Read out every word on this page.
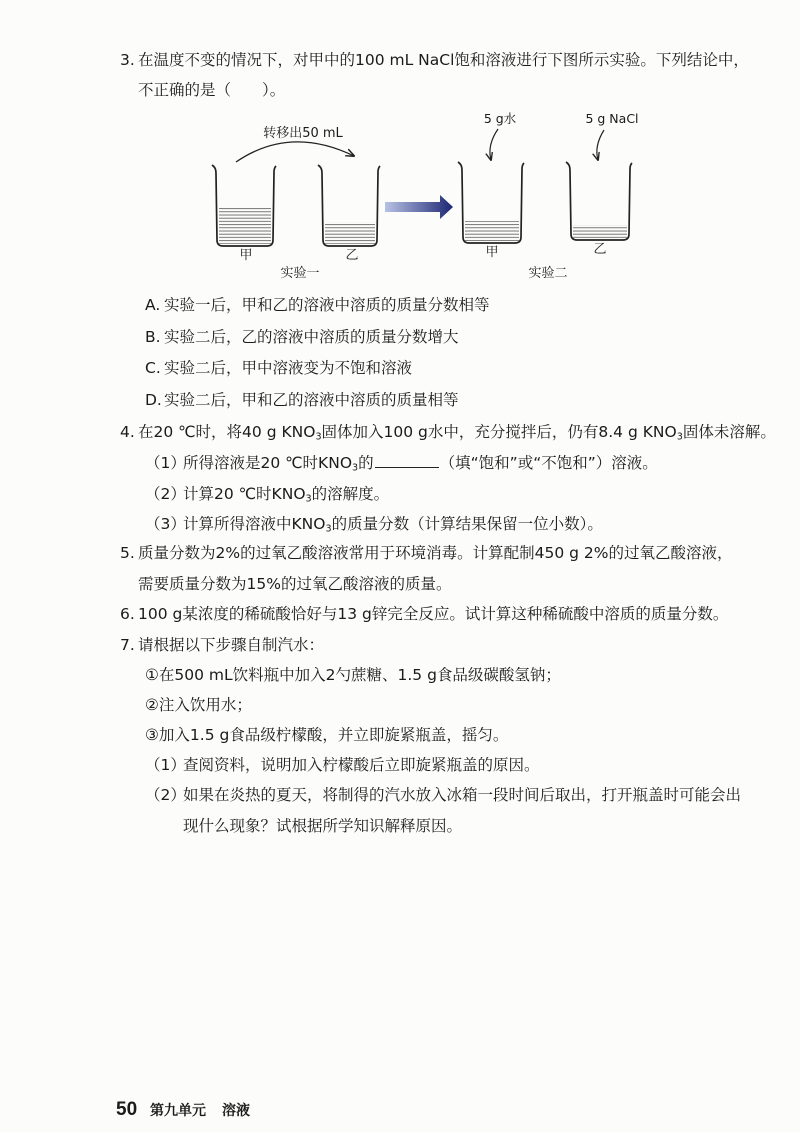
3. 在温度不变的情况下，对甲中的100 mL NaCl饱和溶液进行下图所示实验。下列结论中，
不正确的是（　　）。
转移出50 mL
甲	乙
实验一
5 g水
甲
5 g NaCl
乙
实验二
A. 实验一后，甲和乙的溶液中溶质的质量分数相等
B. 实验二后，乙的溶液中溶质的质量分数增大
C. 实验二后，甲中溶液变为不饱和溶液
D. 实验二后，甲和乙的溶液中溶质的质量相等
4. 在20 ℃时，将40 g $KNO_3$固体加入100 g水中，充分搅拌后，仍有8.4 g $KNO_3$固体未溶解。
（1）所得溶液是20 ℃时$KNO_3$的	（填“饱和”或“不饱和”）溶液。
（2）计算20 ℃时$KNO_3$的溶解度。
（3）计算所得溶液中$KNO_3$的质量分数（计算结果保留一位小数）。
5. 质量分数为2%的过氧乙酸溶液常用于环境消毒。计算配制450 g 2%的过氧乙酸溶液，
需要质量分数为15%的过氧乙酸溶液的质量。
6. 100 g某浓度的稀硫酸恰好与13 g锌完全反应。试计算这种稀硫酸中溶质的质量分数。
7. 请根据以下步骤自制汽水：
①在500 mL饮料瓶中加入2勺蔗糖、1.5 g食品级碳酸氢钠；
②注入饮用水；
③加入1.5 g食品级柠檬酸，并立即旋紧瓶盖，摇匀。
（1）查阅资料，说明加入柠檬酸后立即旋紧瓶盖的原因。
（2）如果在炎热的夏天，将制得的汽水放入冰箱一段时间后取出，打开瓶盖时可能会出
现什么现象？试根据所学知识解释原因。
50 第九单元 溶液
